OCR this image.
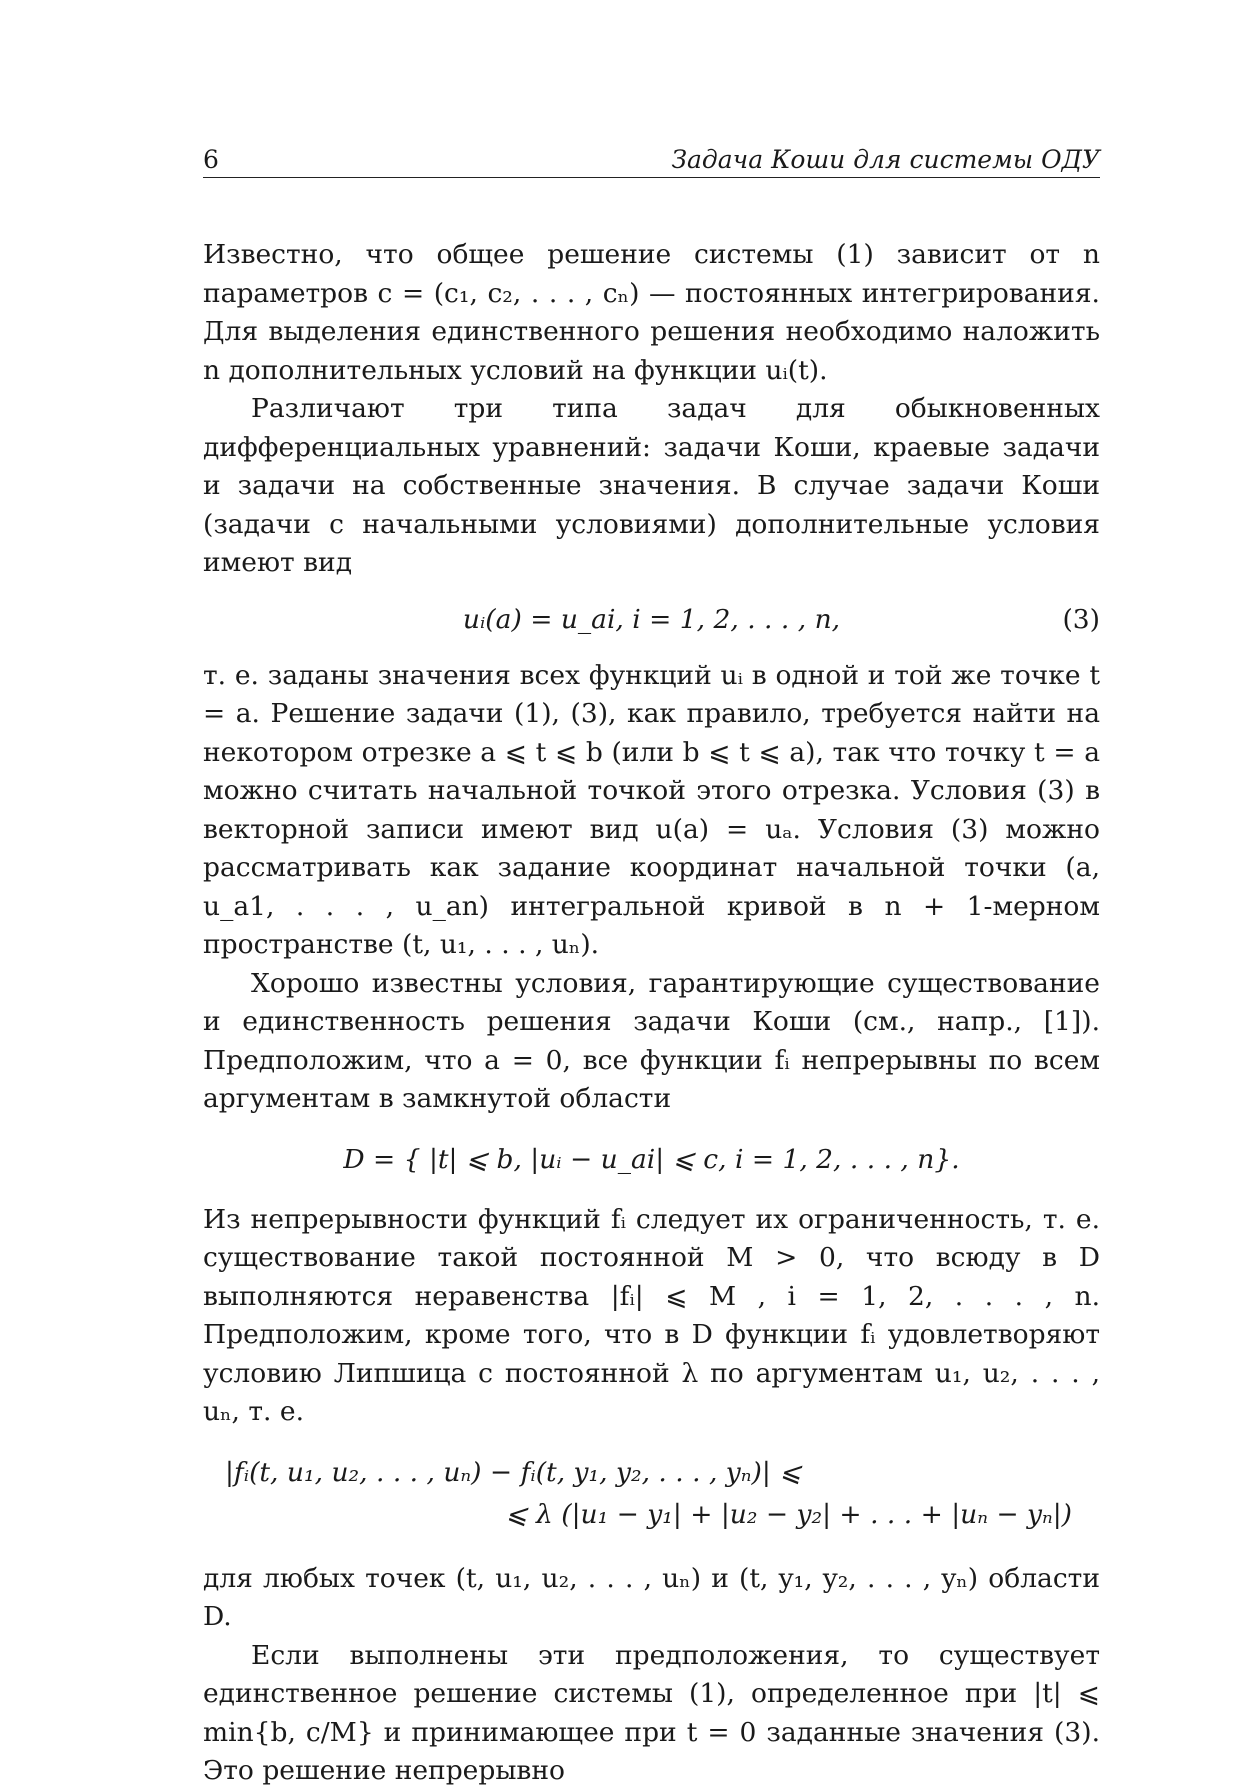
6	Задача Коши для системы ОДУ

Известно, что общее решение системы (1) зависит от n параметров c = (c₁, c₂, . . . , cₙ) — постоянных интегрирования. Для выделения единственного решения необходимо наложить n дополнительных условий на функции uᵢ(t).

Различают три типа задач для обыкновенных дифференциальных уравнений: задачи Коши, краевые задачи и задачи на собственные значения. В случае задачи Коши (задачи с начальными условиями) дополнительные условия имеют вид

uᵢ(a) = u_ai, i = 1, 2, . . . , n,	(3)

т. е. заданы значения всех функций uᵢ в одной и той же точке t = a. Решение задачи (1), (3), как правило, требуется найти на некотором отрезке a ⩽ t ⩽ b (или b ⩽ t ⩽ a), так что точку t = a можно считать начальной точкой этого отрезка. Условия (3) в векторной записи имеют вид u(a) = uₐ. Условия (3) можно рассматривать как задание координат начальной точки (a, u_a1, . . . , u_an) интегральной кривой в n + 1-мерном пространстве (t, u₁, . . . , uₙ).

Хорошо известны условия, гарантирующие существование и единственность решения задачи Коши (см., напр., [1]). Предположим, что a = 0, все функции fᵢ непрерывны по всем аргументам в замкнутой области

D = { |t| ⩽ b, |uᵢ − u_ai| ⩽ c, i = 1, 2, . . . , n}.

Из непрерывности функций fᵢ следует их ограниченность, т. е. существование такой постоянной M > 0, что всюду в D выполняются неравенства |fᵢ| ⩽ M , i = 1, 2, . . . , n. Предположим, кроме того, что в D функции fᵢ удовлетворяют условию Липшица с постоянной λ по аргументам u₁, u₂, . . . , uₙ, т. е.

|fᵢ(t, u₁, u₂, . . . , uₙ) − fᵢ(t, y₁, y₂, . . . , yₙ)| ⩽
⩽ λ (|u₁ − y₁| + |u₂ − y₂| + . . . + |uₙ − yₙ|)

для любых точек (t, u₁, u₂, . . . , uₙ) и (t, y₁, y₂, . . . , yₙ) области D.

Если выполнены эти предположения, то существует единственное решение системы (1), определенное при |t| ⩽ min{b, c/M} и принимающее при t = 0 заданные значения (3). Это решение непрерывно
